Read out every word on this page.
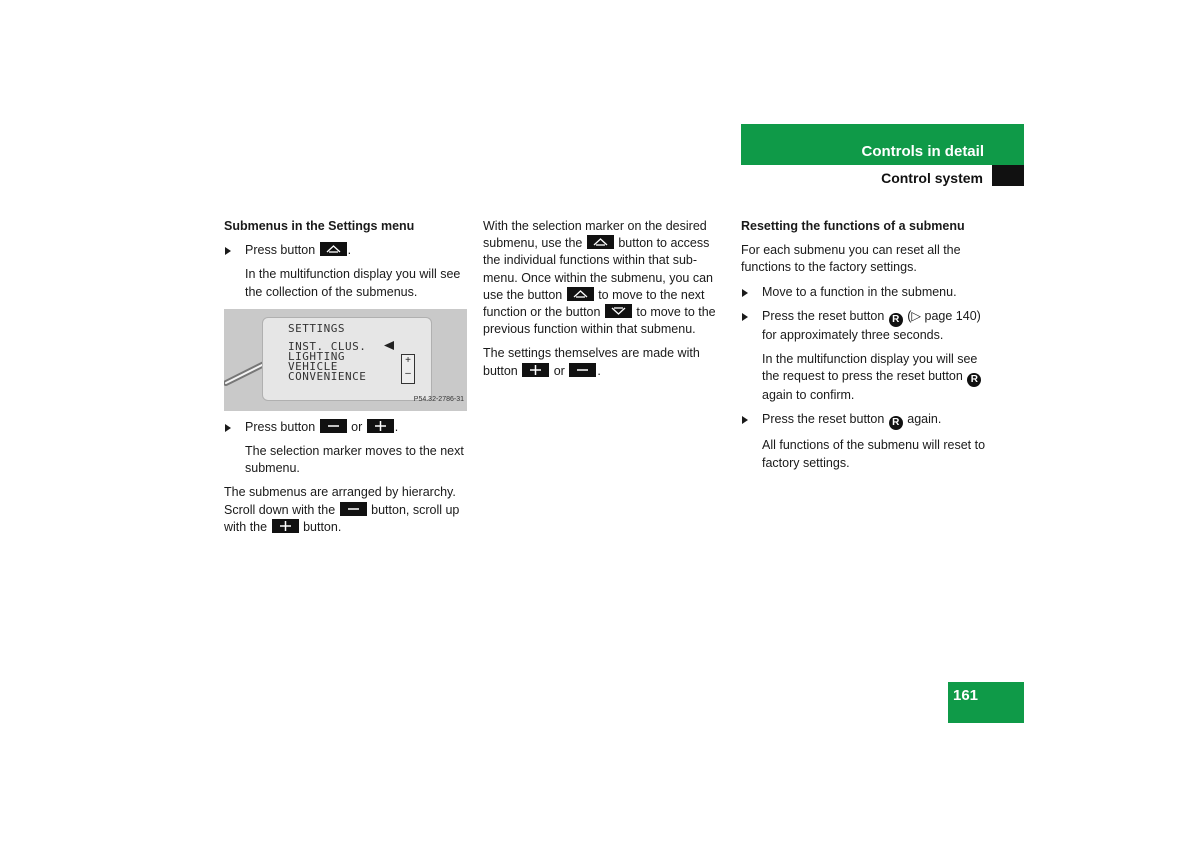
Controls in detail
Control system

Submenus in the Settings menu

Press button	.

In the multifunction display you will see the collection of the submenus.

SETTINGS
INST. CLUS.
LIGHTING
VEHICLE
CONVENIENCE
+
–
P54.32-2786-31

Press button	or	.

The selection marker moves to the next submenu.

The submenus are arranged by hierarchy. Scroll down with the	button, scroll up with the	button.

With the selection marker on the desired submenu, use the	button to access the individual functions within that sub-menu. Once within the submenu, you can use the button	to move to the next function or the button	to move to the previous function within that submenu.

The settings themselves are made with button	or	.

Resetting the functions of a submenu

For each submenu you can reset all the functions to the factory settings.

Move to a function in the submenu.

Press the reset button R (▷ page 140) for approximately three seconds.

In the multifunction display you will see the request to press the reset button R again to confirm.

Press the reset button R again.

All functions of the submenu will reset to factory settings.

161
